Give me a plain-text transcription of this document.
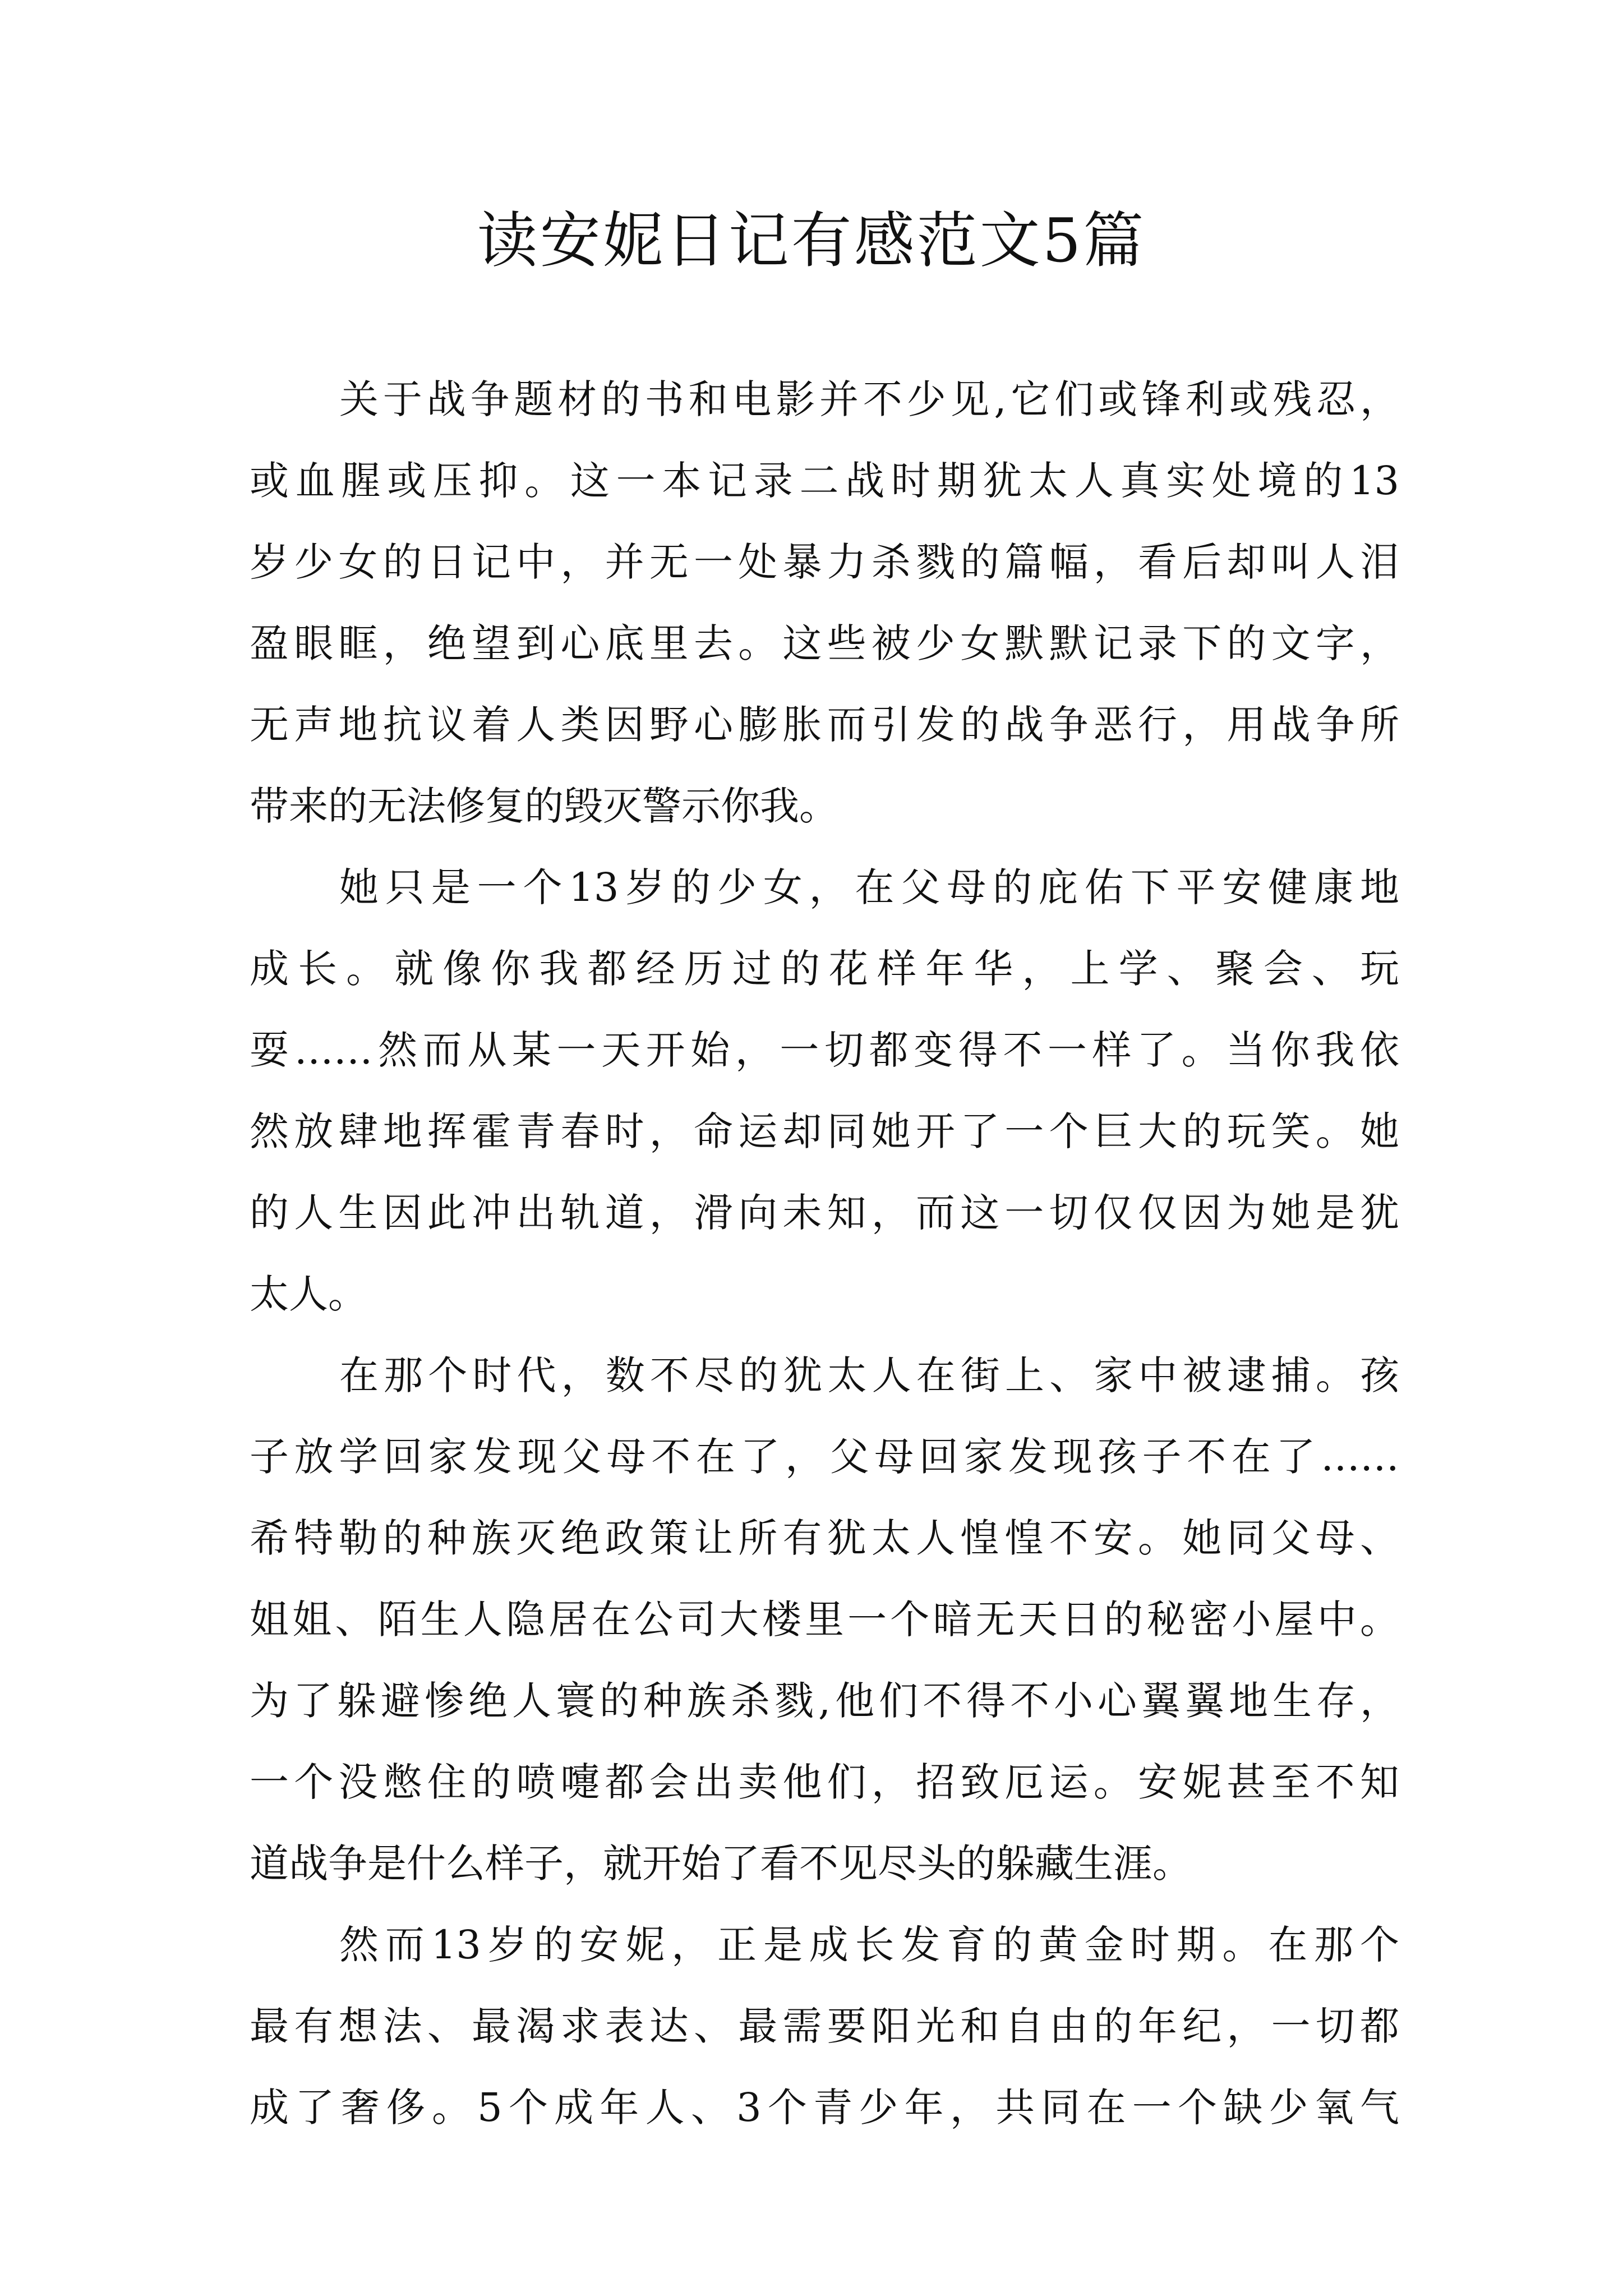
读安妮日记有感范文5篇
关于战争题材的书和电影并不少见,它们或锋利或残忍，
或血腥或压抑。这一本记录二战时期犹太人真实处境的13
岁少女的日记中，并无一处暴力杀戮的篇幅，看后却叫人泪
盈眼眶，绝望到心底里去。这些被少女默默记录下的文字，
无声地抗议着人类因野心膨胀而引发的战争恶行，用战争所
带来的无法修复的毁灭警示你我。
她只是一个13岁的少女，在父母的庇佑下平安健康地
成长。就像你我都经历过的花样年华，上学、聚会、玩
耍……然而从某一天开始，一切都变得不一样了。当你我依
然放肆地挥霍青春时，命运却同她开了一个巨大的玩笑。她
的人生因此冲出轨道，滑向未知，而这一切仅仅因为她是犹
太人。
在那个时代，数不尽的犹太人在街上、家中被逮捕。孩
子放学回家发现父母不在了，父母回家发现孩子不在了……
希特勒的种族灭绝政策让所有犹太人惶惶不安。她同父母、
姐姐、陌生人隐居在公司大楼里一个暗无天日的秘密小屋中。
为了躲避惨绝人寰的种族杀戮,他们不得不小心翼翼地生存，
一个没憋住的喷嚏都会出卖他们，招致厄运。安妮甚至不知
道战争是什么样子，就开始了看不见尽头的躲藏生涯。
然而13岁的安妮，正是成长发育的黄金时期。在那个
最有想法、最渴求表达、最需要阳光和自由的年纪，一切都
成了奢侈。5个成年人、3个青少年，共同在一个缺少氧气
